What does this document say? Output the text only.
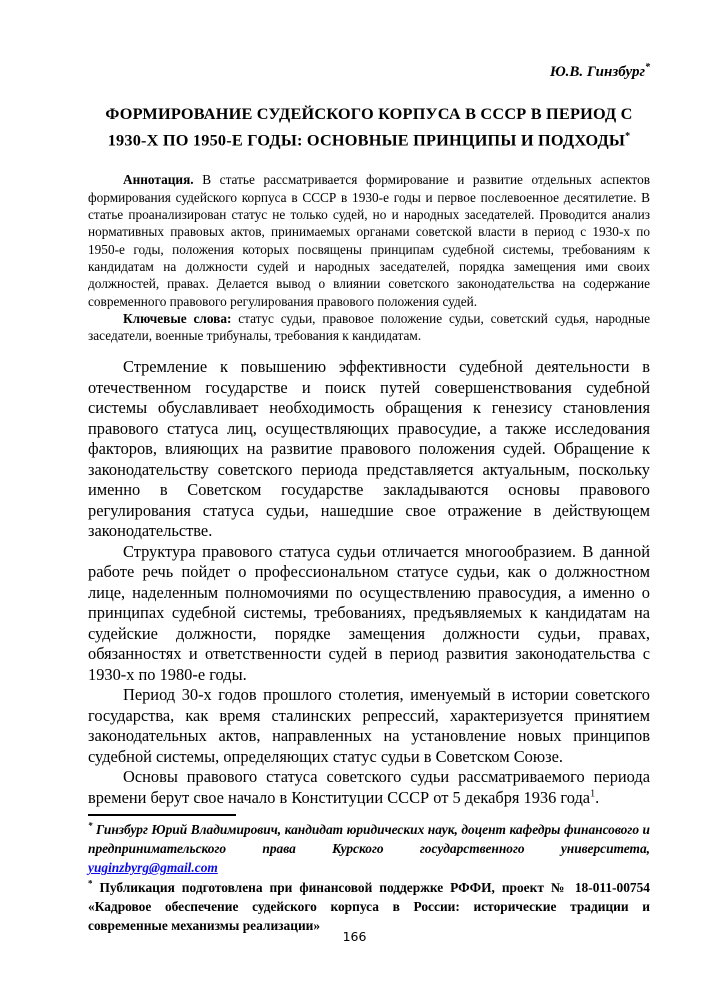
Ю.В. Гинзбург*
ФОРМИРОВАНИЕ СУДЕЙСКОГО КОРПУСА В СССР В ПЕРИОД С 1930-Х ПО 1950-Е ГОДЫ: ОСНОВНЫЕ ПРИНЦИПЫ И ПОДХОДЫ*

Аннотация. В статье рассматривается формирование и развитие отдельных аспектов формирования судейского корпуса в СССР в 1930-е годы и первое послевоенное десятилетие. В статье проанализирован статус не только судей, но и народных заседателей. Проводится анализ нормативных правовых актов, принимаемых органами советской власти в период с 1930-х по 1950-е годы, положения которых посвящены принципам судебной системы, требованиям к кандидатам на должности судей и народных заседателей, порядка замещения ими своих должностей, правах. Делается вывод о влиянии советского законодательства на содержание современного правового регулирования правового положения судей.

Ключевые слова: статус судьи, правовое положение судьи, советский судья, народные заседатели, военные трибуналы, требования к кандидатам.

Стремление к повышению эффективности судебной деятельности в отечественном государстве и поиск путей совершенствования судебной системы обуславливает необходимость обращения к генезису становления правового статуса лиц, осуществляющих правосудие, а также исследования факторов, влияющих на развитие правового положения судей. Обращение к законодательству советского периода представляется актуальным, поскольку именно в Советском государстве закладываются основы правового регулирования статуса судьи, нашедшие свое отражение в действующем законодательстве.

Структура правового статуса судьи отличается многообразием. В данной работе речь пойдет о профессиональном статусе судьи, как о должностном лице, наделенным полномочиями по осуществлению правосудия, а именно о принципах судебной системы, требованиях, предъявляемых к кандидатам на судейские должности, порядке замещения должности судьи, правах, обязанностях и ответственности судей в период развития законодательства с 1930-х по 1980-е годы.

Период 30-х годов прошлого столетия, именуемый в истории советского государства, как время сталинских репрессий, характеризуется принятием законодательных актов, направленных на установление новых принципов судебной системы, определяющих статус судьи в Советском Союзе.

Основы правового статуса советского судьи рассматриваемого периода времени берут свое начало в Конституции СССР от 5 декабря 1936 года$^1$.

* Гинзбург Юрий Владимирович, кандидат юридических наук, доцент кафедры финансового и предпринимательского права Курского государственного университета, yuginzbyrg@gmail.com

* Публикация подготовлена при финансовой поддержке РФФИ, проект № 18-011-00754 «Кадровое обеспечение судейского корпуса в России: исторические традиции и современные механизмы реализации»

166
